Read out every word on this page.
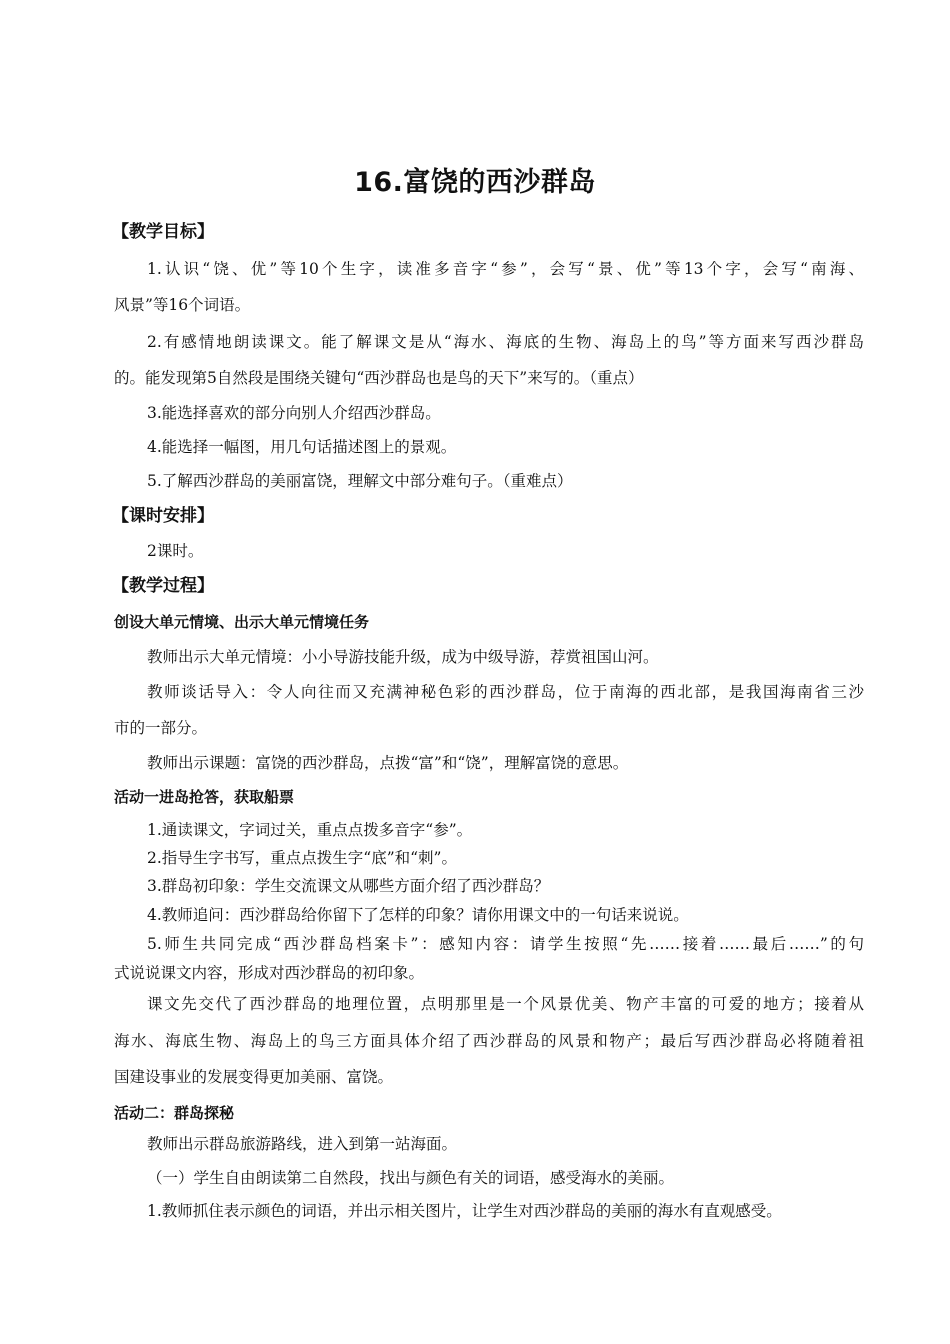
16.富饶的西沙群岛
【教学目标】
1.认识“饶、优”等10个生字，读准多音字“参”，会写“景、优”等13个字，会写“南海、
风景”等16个词语。
2.有感情地朗读课文。能了解课文是从“海水、海底的生物、海岛上的鸟”等方面来写西沙群岛
的。能发现第5自然段是围绕关键句“西沙群岛也是鸟的天下”来写的。（重点）
3.能选择喜欢的部分向别人介绍西沙群岛。
4.能选择一幅图，用几句话描述图上的景观。
5.了解西沙群岛的美丽富饶，理解文中部分难句子。（重难点）
【课时安排】
2课时。
【教学过程】
创设大单元情境、出示大单元情境任务
教师出示大单元情境：小小导游技能升级，成为中级导游，荐赏祖国山河。
教师谈话导入：令人向往而又充满神秘色彩的西沙群岛，位于南海的西北部，是我国海南省三沙
市的一部分。
教师出示课题：富饶的西沙群岛，点拨“富”和“饶”，理解富饶的意思。
活动一进岛抢答，获取船票
1.通读课文，字词过关，重点点拨多音字“参”。
2.指导生字书写，重点点拨生字“底”和“刺”。
3.群岛初印象：学生交流课文从哪些方面介绍了西沙群岛？
4.教师追问：西沙群岛给你留下了怎样的印象？请你用课文中的一句话来说说。
5.师生共同完成“西沙群岛档案卡”：感知内容：请学生按照“先……接着……最后……”的句
式说说课文内容，形成对西沙群岛的初印象。
课文先交代了西沙群岛的地理位置，点明那里是一个风景优美、物产丰富的可爱的地方；接着从
海水、海底生物、海岛上的鸟三方面具体介绍了西沙群岛的风景和物产；最后写西沙群岛必将随着祖
国建设事业的发展变得更加美丽、富饶。
活动二：群岛探秘
教师出示群岛旅游路线，进入到第一站海面。
（一）学生自由朗读第二自然段，找出与颜色有关的词语，感受海水的美丽。
1.教师抓住表示颜色的词语，并出示相关图片，让学生对西沙群岛的美丽的海水有直观感受。
